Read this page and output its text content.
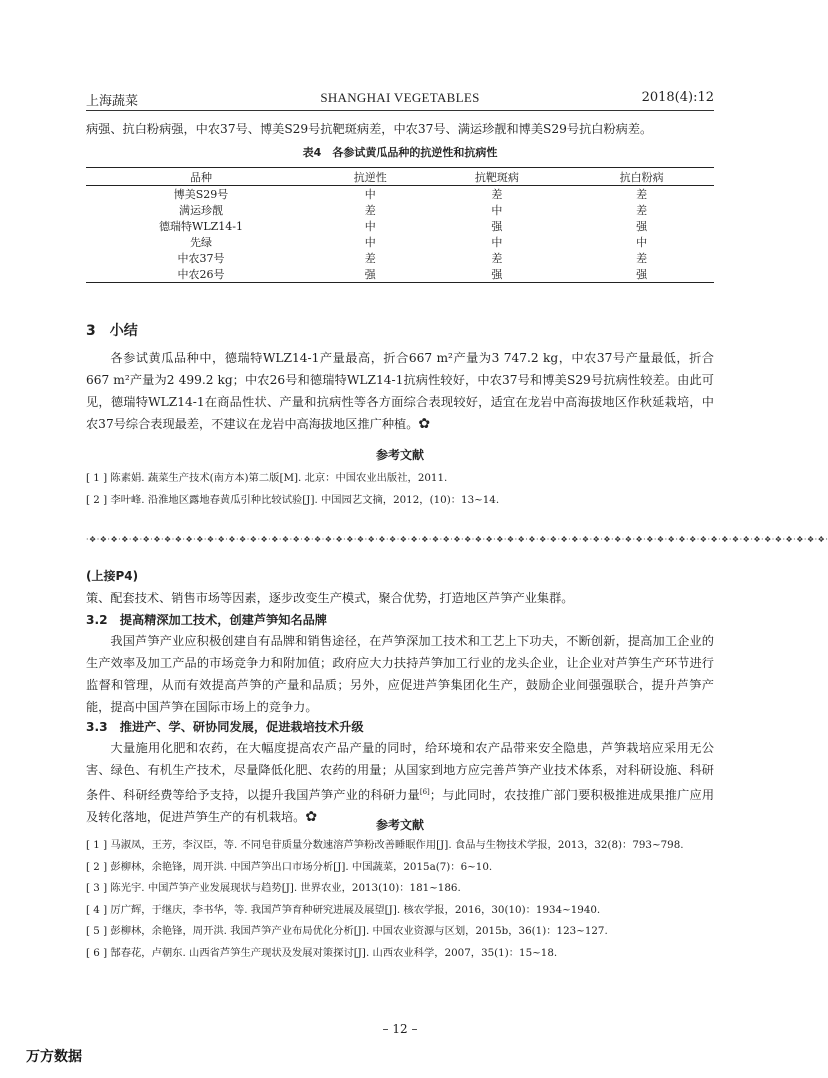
上海蔬菜	SHANGHAI VEGETABLES	2018(4):12
病强、抗白粉病强，中农37号、博美S29号抗靶斑病差，中农37号、满运珍靓和博美S29号抗白粉病差。
表4　各参试黄瓜品种的抗逆性和抗病性
品种	抗逆性	抗靶斑病	抗白粉病
博美S29号	中	差	差
满运珍靓	差	中	差
德瑞特WLZ14-1	中	强	强
先绿	中	中	中
中农37号	差	差	差
中农26号	强	强	强
3　小结
各参试黄瓜品种中，德瑞特WLZ14-1产量最高，折合667 m²产量为3 747.2 kg，中农37号产量最低，折合667 m²产量为2 499.2 kg；中农26号和德瑞特WLZ14-1抗病性较好，中农37号和博美S29号抗病性较差。由此可见，德瑞特WLZ14-1在商品性状、产量和抗病性等各方面综合表现较好，适宜在龙岩中高海拔地区作秋延栽培，中农37号综合表现最差，不建议在龙岩中高海拔地区推广种植。✿
参考文献
[ 1 ] 陈素娟. 蔬菜生产技术(南方本)第二版[M]. 北京：中国农业出版社，2011.
[ 2 ] 李叶峰. 沿淮地区露地春黄瓜引种比较试验[J]. 中国园艺文摘，2012，(10)：13~14.
·❖·❖·❖·❖·❖·❖·❖·❖·❖·❖·❖·❖·❖·❖·❖·❖·❖·❖·❖·❖·❖·❖·❖·❖·❖·❖·❖·❖·❖·❖·❖·❖·❖·❖·❖·❖·❖·❖·❖·❖·❖·❖·❖·❖·❖·❖·❖·❖·❖·❖·❖·❖·❖·❖·❖·❖·❖·❖·❖·❖·❖·❖·❖·❖·❖·❖·❖·❖·❖·
(上接P4)
策、配套技术、销售市场等因素，逐步改变生产模式，聚合优势，打造地区芦笋产业集群。
3.2　提高精深加工技术，创建芦笋知名品牌
我国芦笋产业应积极创建自有品牌和销售途径，在芦笋深加工技术和工艺上下功夫，不断创新，提高加工企业的生产效率及加工产品的市场竞争力和附加值；政府应大力扶持芦笋加工行业的龙头企业，让企业对芦笋生产环节进行监督和管理，从而有效提高芦笋的产量和品质；另外，应促进芦笋集团化生产，鼓励企业间强强联合，提升芦笋产能，提高中国芦笋在国际市场上的竞争力。
3.3　推进产、学、研协同发展，促进栽培技术升级
大量施用化肥和农药，在大幅度提高农产品产量的同时，给环境和农产品带来安全隐患，芦笋栽培应采用无公害、绿色、有机生产技术，尽量降低化肥、农药的用量；从国家到地方应完善芦笋产业技术体系，对科研设施、科研条件、科研经费等给予支持，以提升我国芦笋产业的科研力量[6]；与此同时，农技推广部门要积极推进成果推广应用及转化落地，促进芦笋生产的有机栽培。✿	参考文献
[ 1 ] 马淑凤，王芳，李汉臣，等. 不同皂苷质量分数速溶芦笋粉改善睡眠作用[J]. 食品与生物技术学报，2013，32(8)：793~798.
[ 2 ] 彭柳林，余艳锋，周开洪. 中国芦笋出口市场分析[J]. 中国蔬菜，2015a(7)：6~10.
[ 3 ] 陈光宇. 中国芦笋产业发展现状与趋势[J]. 世界农业，2013(10)：181~186.
[ 4 ] 厉广辉，于继庆，李书华，等. 我国芦笋育种研究进展及展望[J]. 核农学报，2016，30(10)：1934~1940.
[ 5 ] 彭柳林，余艳锋，周开洪. 我国芦笋产业布局优化分析[J]. 中国农业资源与区划，2015b，36(1)：123~127.
[ 6 ] 郜春花，卢朝东. 山西省芦笋生产现状及发展对策探讨[J]. 山西农业科学，2007，35(1)：15~18.
– 12 –
万方数据
